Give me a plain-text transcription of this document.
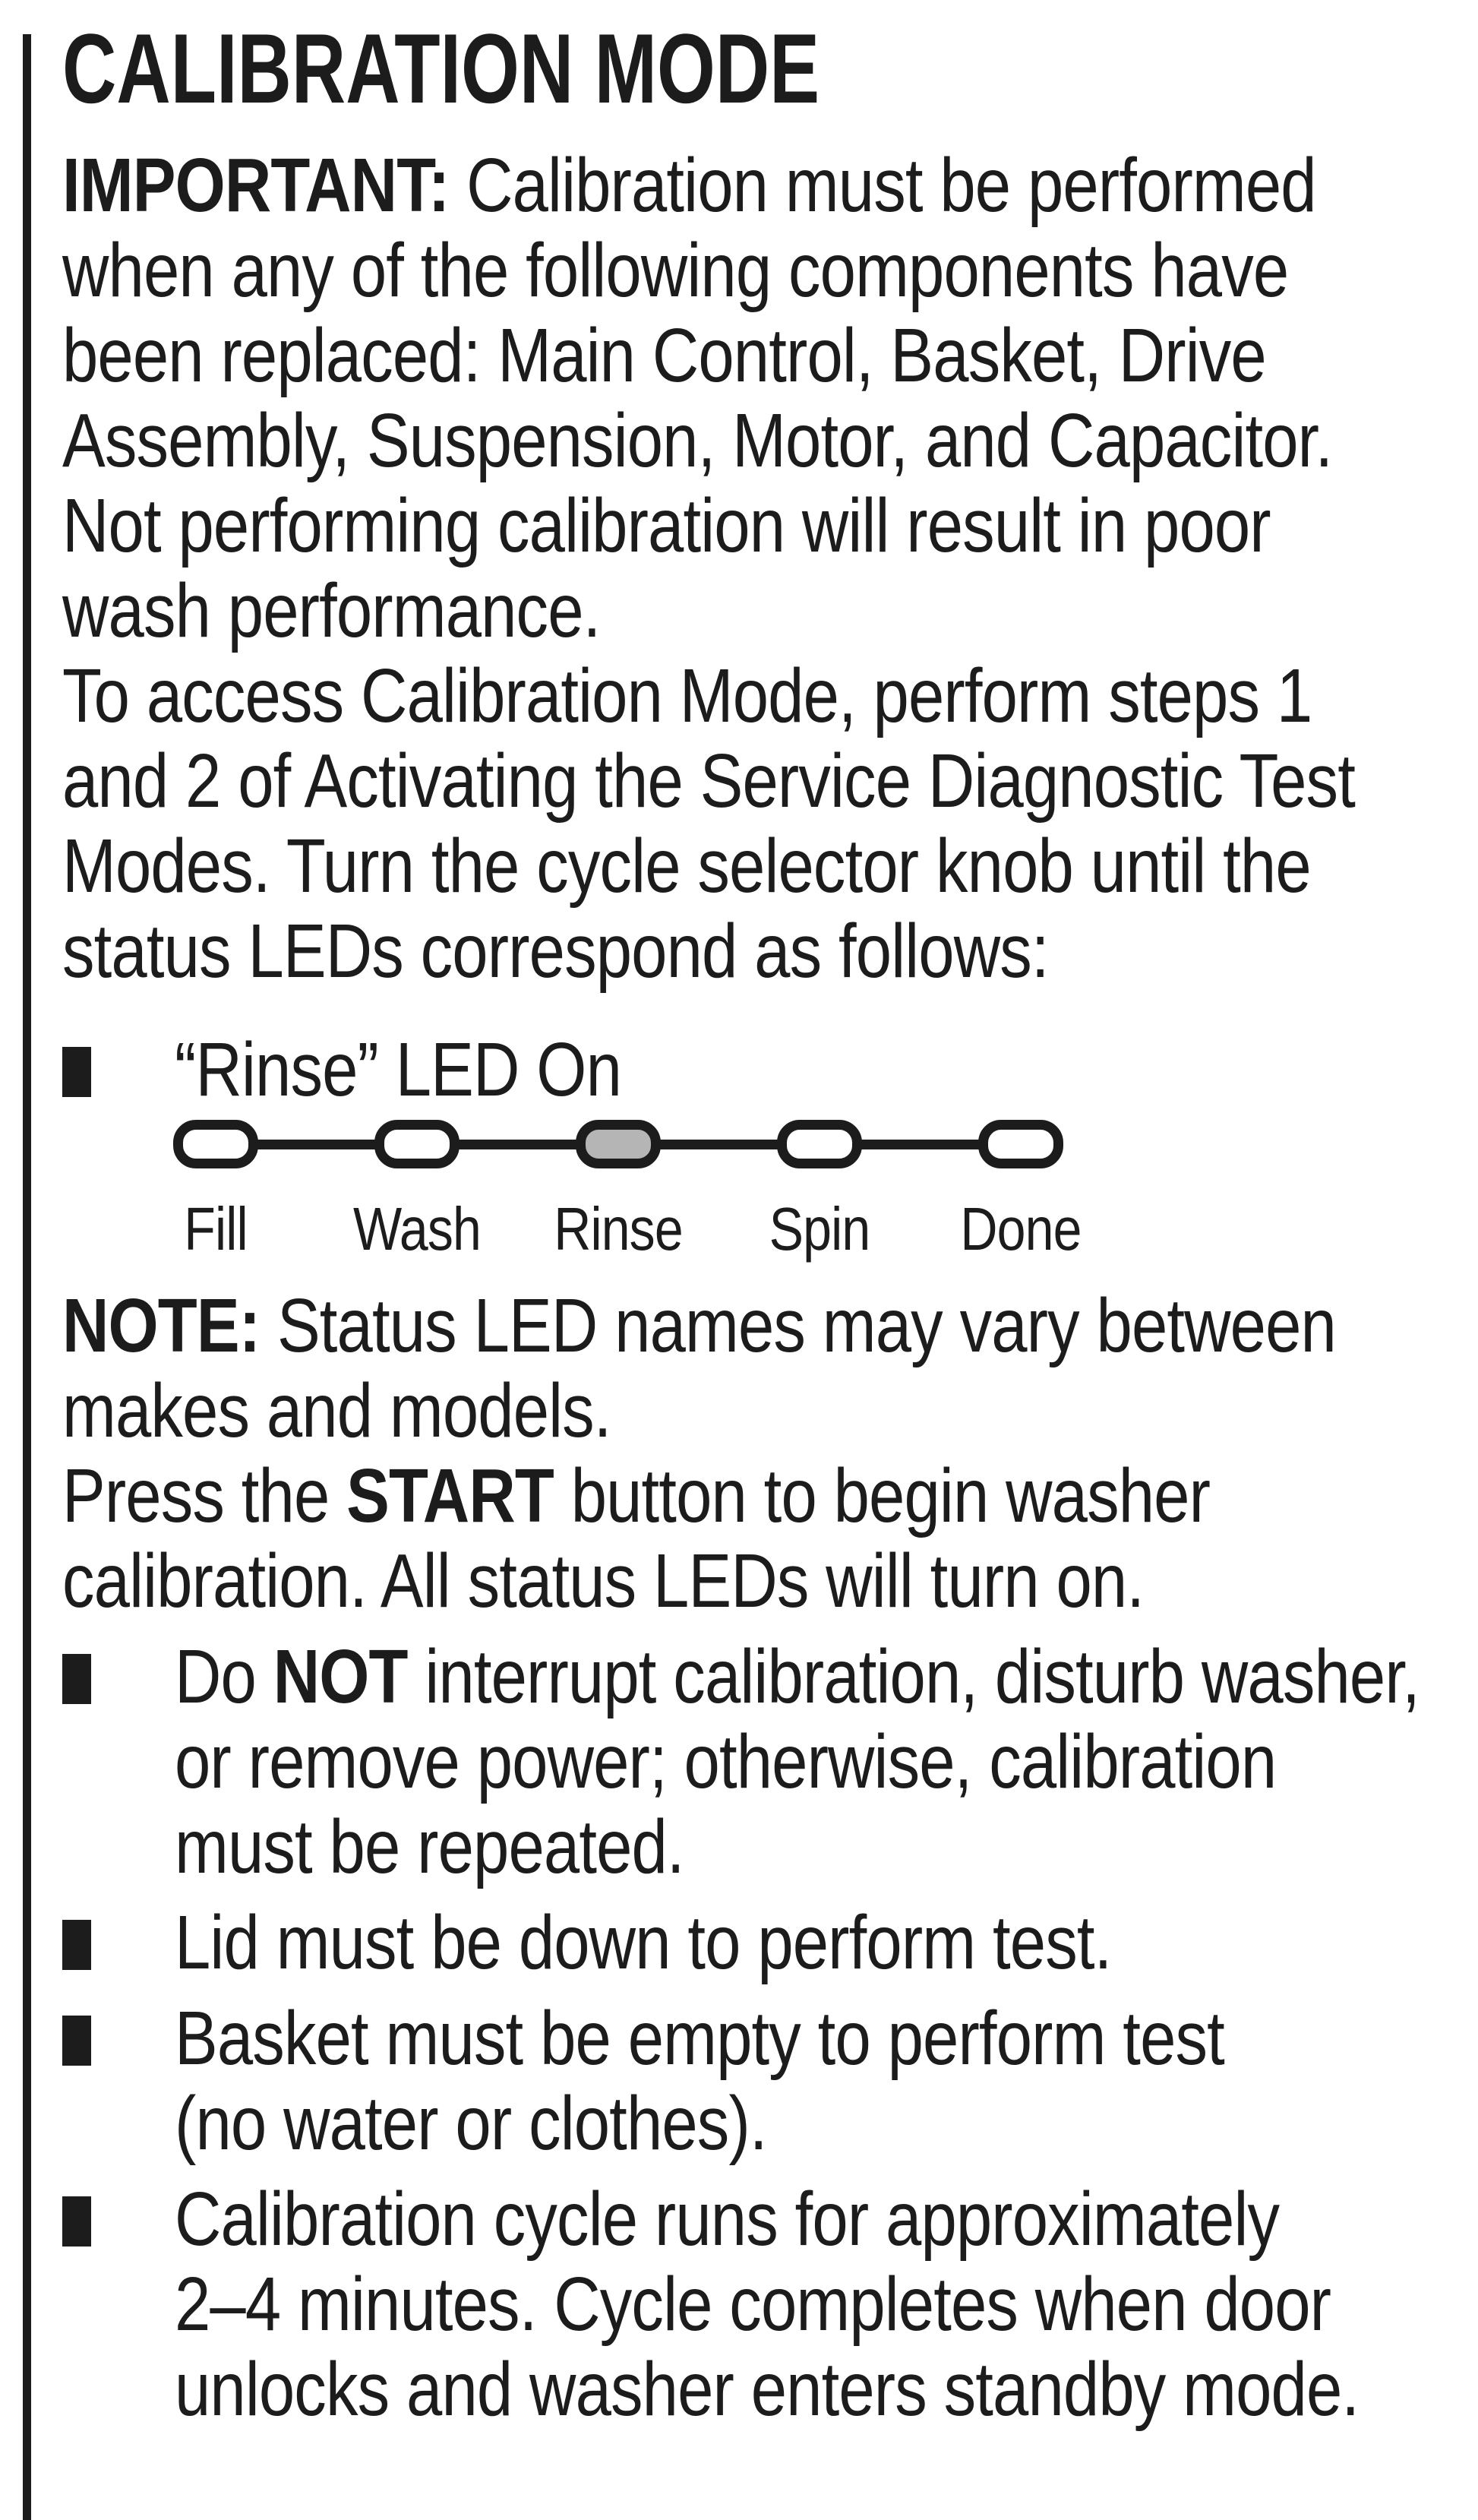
CALIBRATION MODE
IMPORTANT: Calibration must be performed
when any of the following components have
been replaced: Main Control, Basket, Drive
Assembly, Suspension, Motor, and Capacitor.
Not performing calibration will result in poor
wash performance.
To access Calibration Mode, perform steps 1
and 2 of Activating the Service Diagnostic Test
Modes. Turn the cycle selector knob until the
status LEDs correspond as follows:
“Rinse” LED On
Fill Wash Rinse Spin Done
NOTE: Status LED names may vary between
makes and models.
Press the START button to begin washer
calibration. All status LEDs will turn on.
Do NOT interrupt calibration, disturb washer,
or remove power; otherwise, calibration
must be repeated.
Lid must be down to perform test.
Basket must be empty to perform test
(no water or clothes).
Calibration cycle runs for approximately
2–4 minutes. Cycle completes when door
unlocks and washer enters standby mode.
